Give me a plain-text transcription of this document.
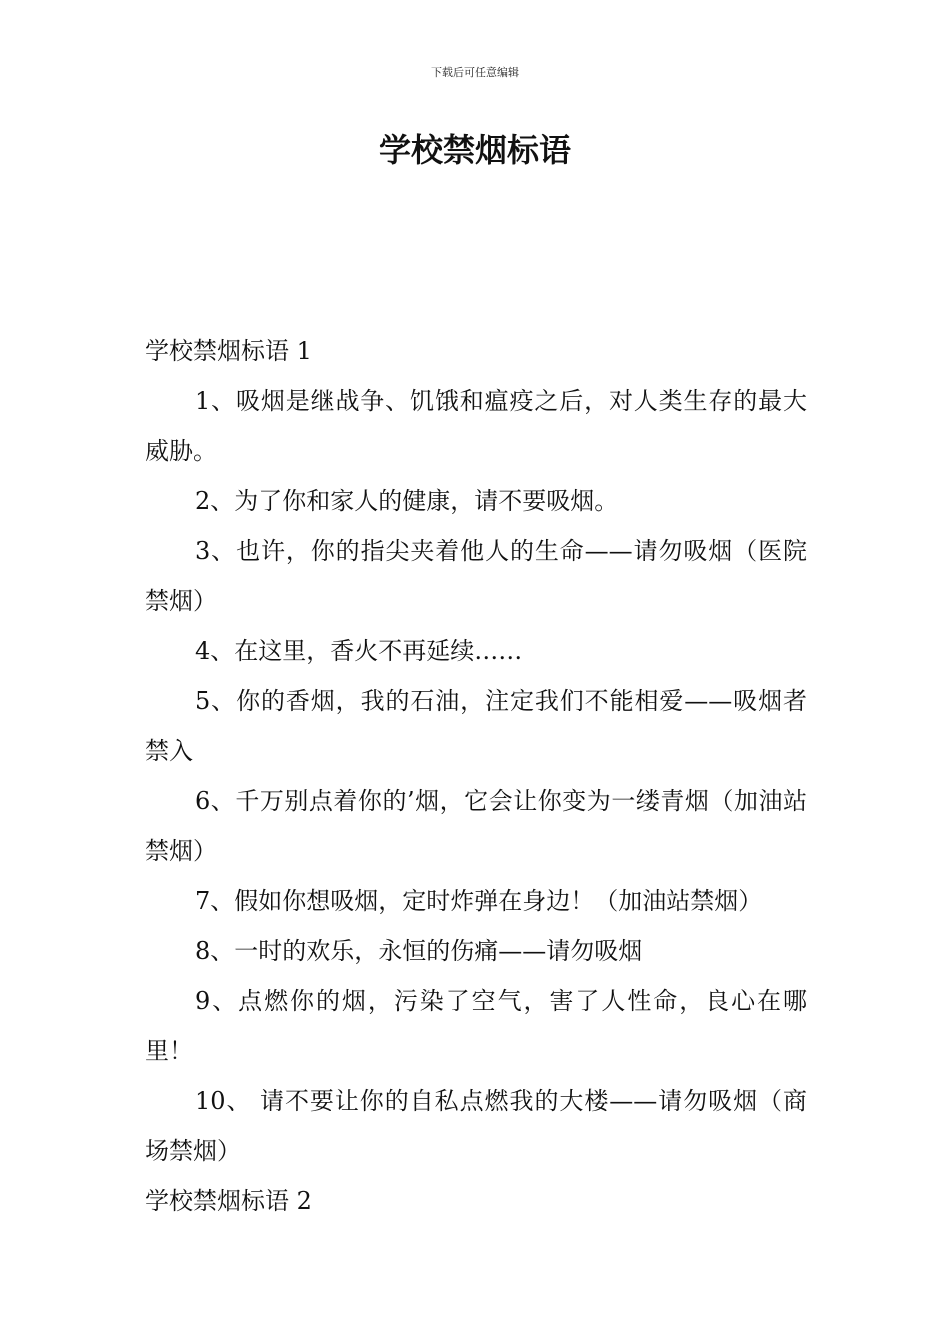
下载后可任意编辑
学校禁烟标语
学校禁烟标语 1

1、吸烟是继战争、饥饿和瘟疫之后，对人类生存的最大威胁。

2、为了你和家人的健康，请不要吸烟。

3、也许，你的指尖夹着他人的生命——请勿吸烟（医院禁烟）

4、在这里，香火不再延续……

5、你的香烟，我的石油，注定我们不能相爱——吸烟者禁入

6、千万别点着你的’烟，它会让你变为一缕青烟（加油站禁烟）

7、假如你想吸烟，定时炸弹在身边！（加油站禁烟）

8、一时的欢乐，永恒的伤痛——请勿吸烟

9、点燃你的烟，污染了空气，害了人性命，良心在哪里！

10、 请不要让你的自私点燃我的大楼——请勿吸烟（商场禁烟）

学校禁烟标语 2
